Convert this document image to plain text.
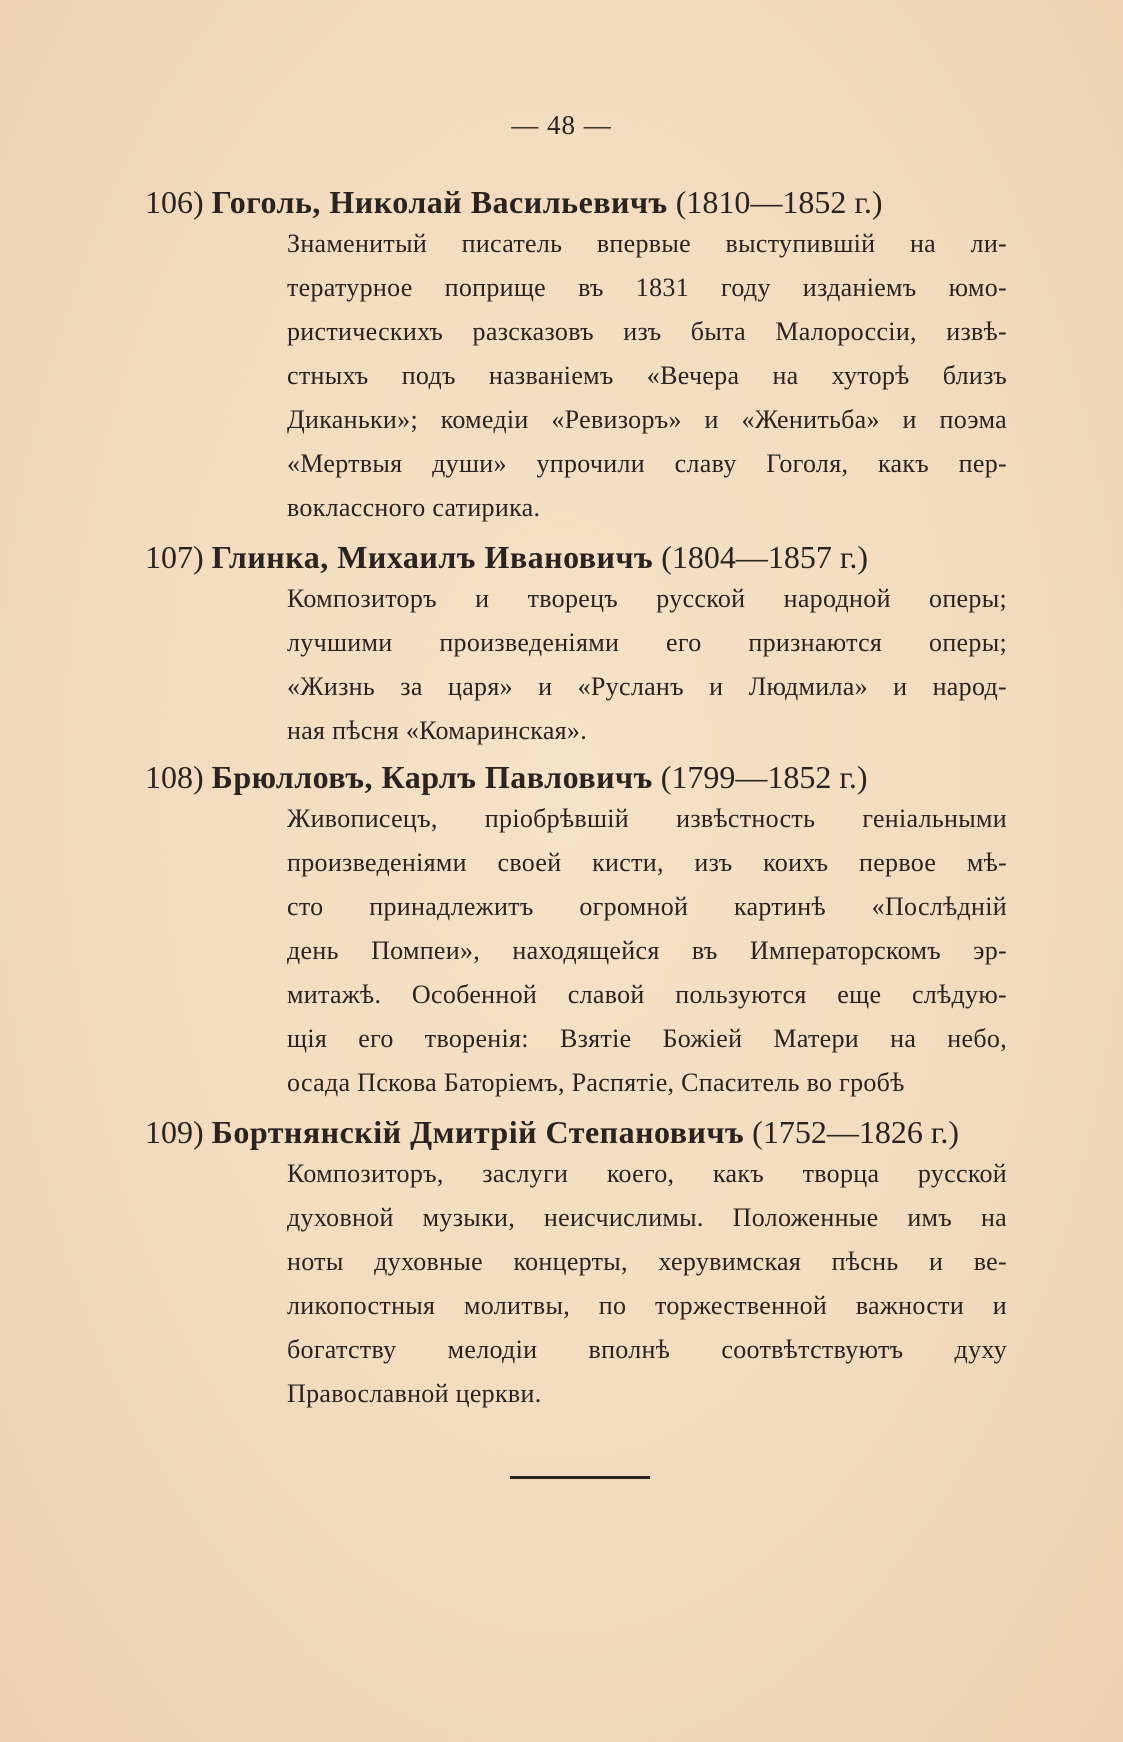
— 48 —
106) Гоголь, Николай Васильевичъ (1810—1852 г.)
Знаменитый писатель впервые выступившій на ли-
тературное поприще въ 1831 году изданіемъ юмо-
ристическихъ разсказовъ изъ быта Малороссіи, извѣ-
стныхъ подъ названіемъ «Вечера на хуторѣ близъ
Диканьки»; комедіи «Ревизоръ» и «Женитьба» и поэма
«Мертвыя души» упрочили славу Гоголя, какъ пер-
воклассного сатирика.
107) Глинка, Михаилъ Ивановичъ (1804—1857 г.)
Композиторъ и творецъ русской народной оперы;
лучшими произведеніями его признаются оперы;
«Жизнь за царя» и «Русланъ и Людмила» и народ-
ная пѣсня «Комаринская».
108) Брюлловъ, Карлъ Павловичъ (1799—1852 г.)
Живописецъ, пріобрѣвшій извѣстность геніальными
произведеніями своей кисти, изъ коихъ первое мѣ-
сто принадлежитъ огромной картинѣ «Послѣдній
день Помпеи», находящейся въ Императорскомъ эр-
митажѣ. Особенной славой пользуются еще слѣдую-
щія его творенія: Взятіе Божіей Матери на небо,
осада Пскова Баторіемъ, Распятіе, Спаситель во гробѣ
109) Бортнянскій Дмитрій Степановичъ (1752—1826 г.)
Композиторъ, заслуги коего, какъ творца русской
духовной музыки, неисчислимы. Положенные имъ на
ноты духовные концерты, херувимская пѣснь и ве-
ликопостныя молитвы, по торжественной важности и
богатству мелодіи вполнѣ соотвѣтствуютъ духу
Православной церкви.
